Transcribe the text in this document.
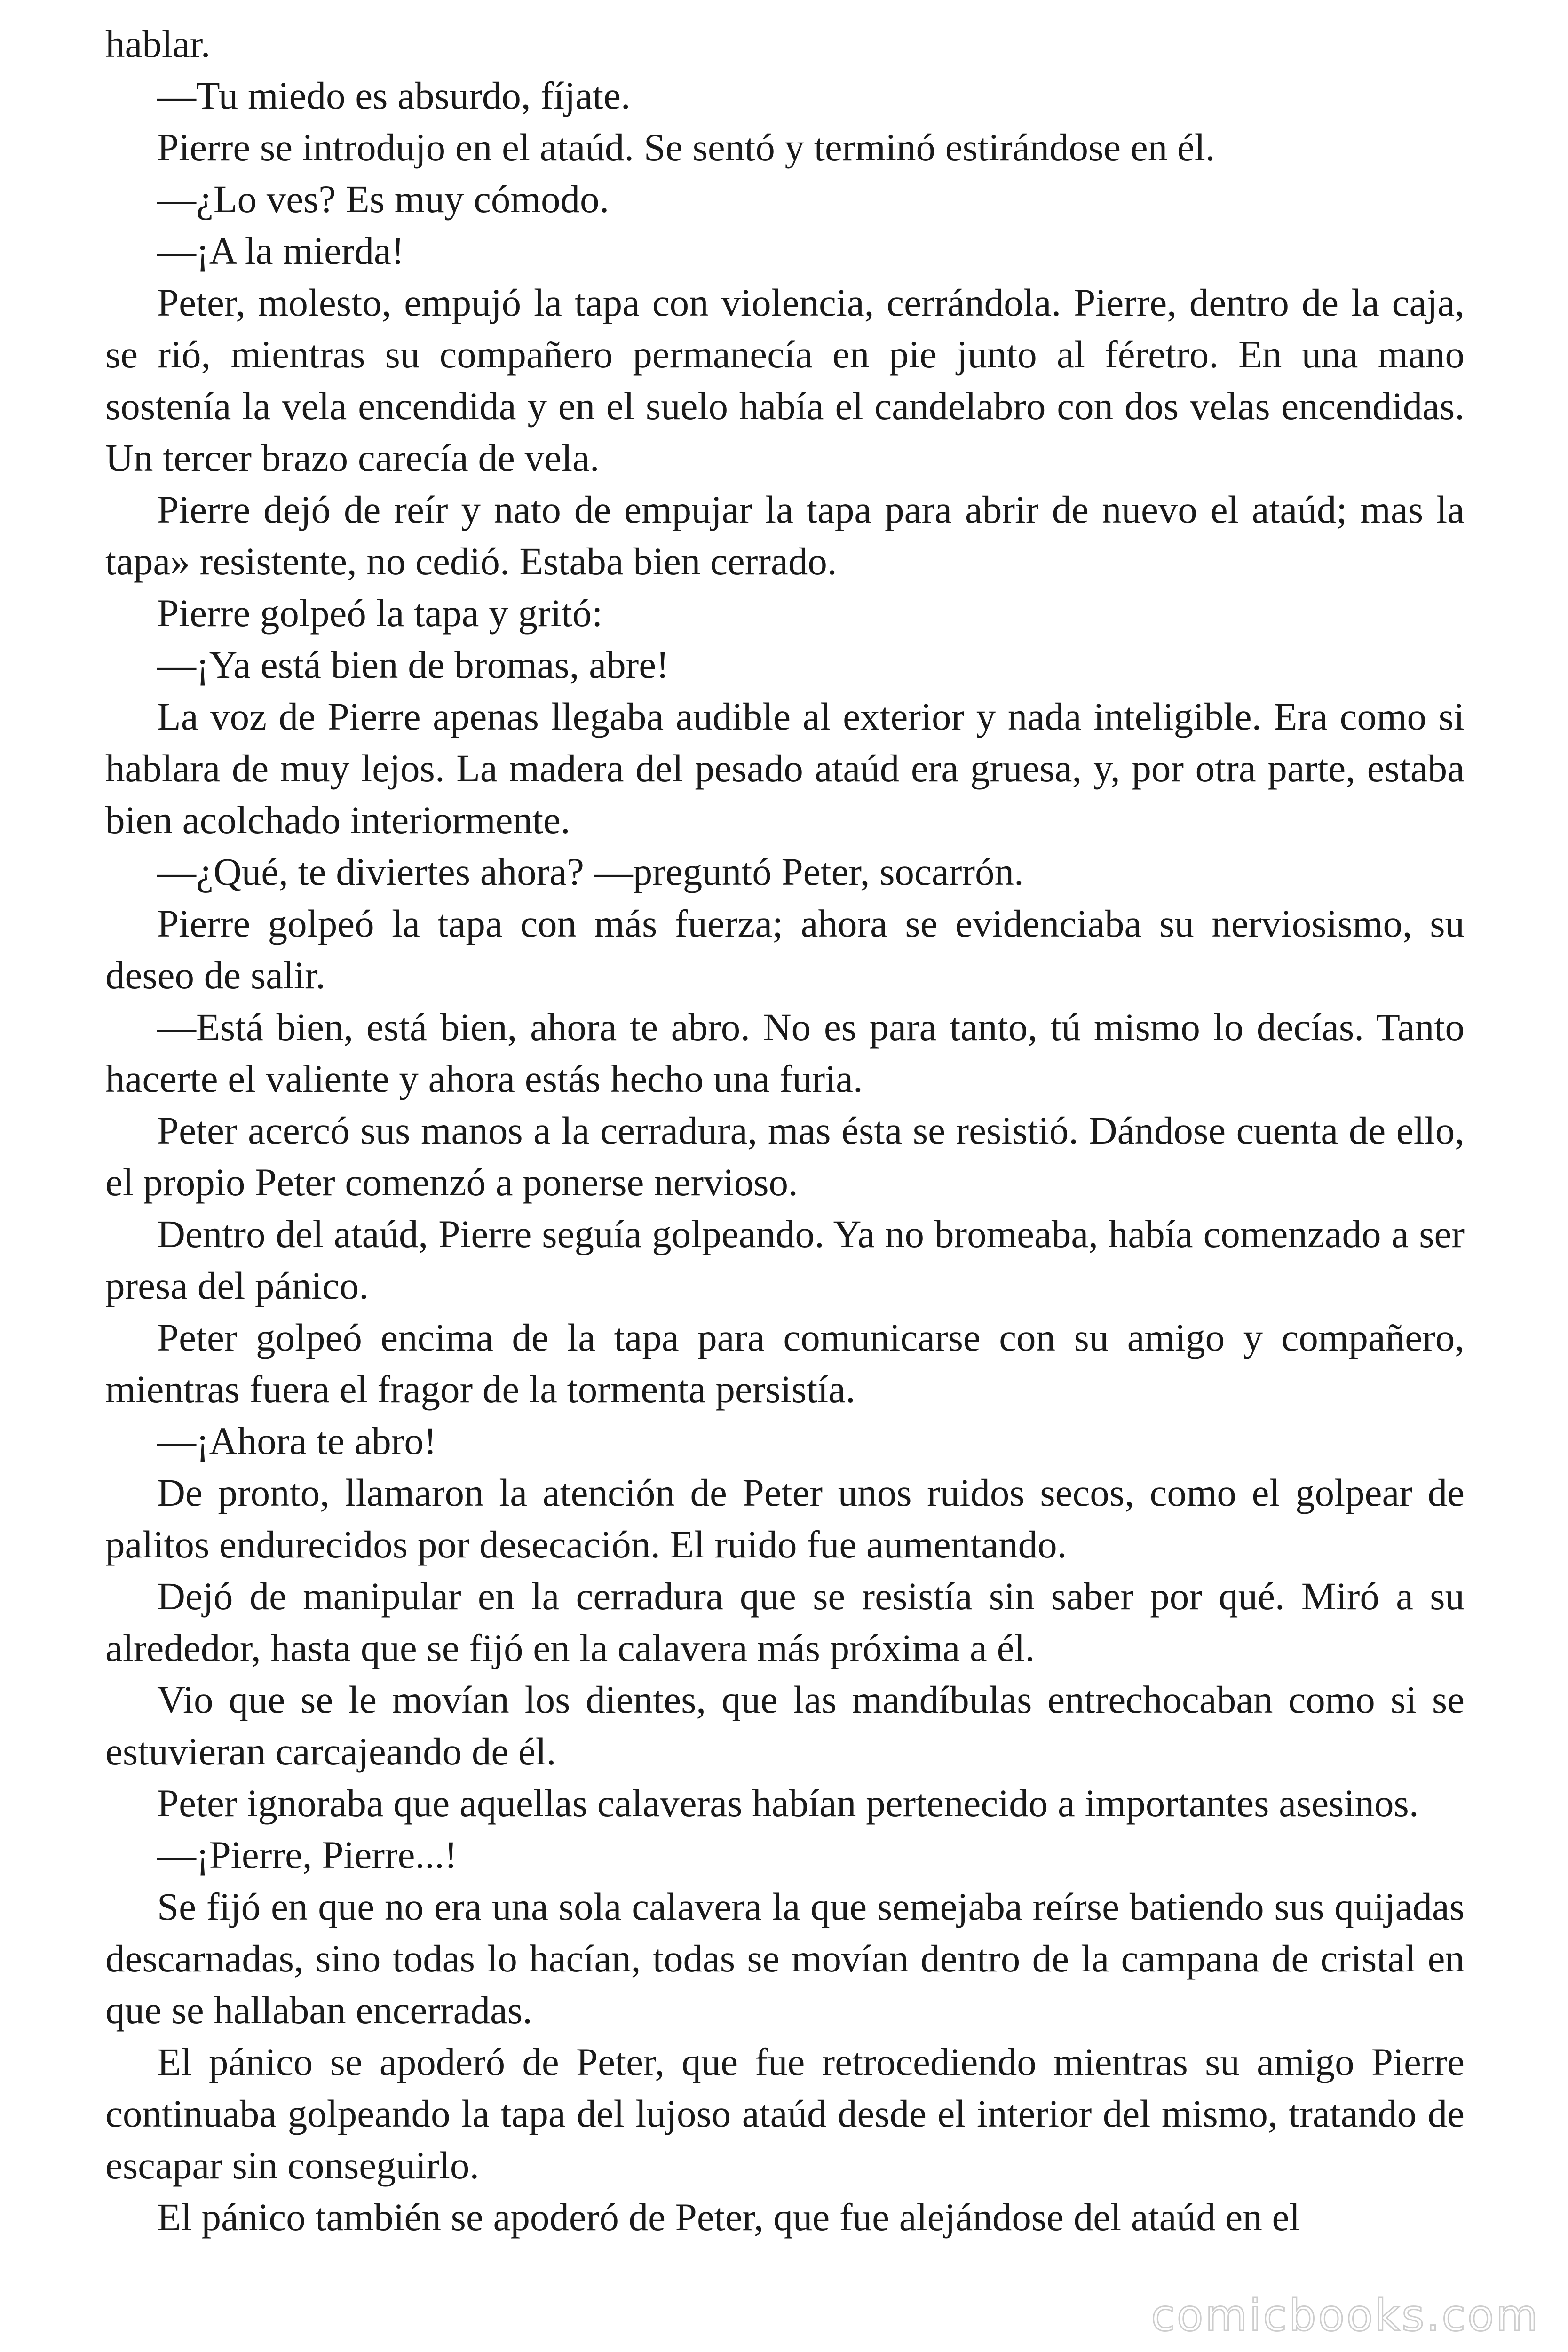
hablar.

—Tu miedo es absurdo, fíjate.

Pierre se introdujo en el ataúd. Se sentó y terminó estirándose en él.

—¿Lo ves? Es muy cómodo.

—¡A la mierda!

Peter, molesto, empujó la tapa con violencia, cerrándola. Pierre, dentro de la caja, se rió, mientras su compañero permanecía en pie junto al féretro. En una mano sostenía la vela encendida y en el suelo había el candelabro con dos velas encendidas. Un tercer brazo carecía de vela.

Pierre dejó de reír y nato de empujar la tapa para abrir de nuevo el ataúd; mas la tapa» resistente, no cedió. Estaba bien cerrado.

Pierre golpeó la tapa y gritó:

—¡Ya está bien de bromas, abre!

La voz de Pierre apenas llegaba audible al exterior y nada inteligible. Era como si hablara de muy lejos. La madera del pesado ataúd era gruesa, y, por otra parte, estaba bien acolchado interiormente.

—¿Qué, te diviertes ahora? —preguntó Peter, socarrón.

Pierre golpeó la tapa con más fuerza; ahora se evidenciaba su nerviosismo, su deseo de salir.

—Está bien, está bien, ahora te abro. No es para tanto, tú mismo lo decías. Tanto hacerte el valiente y ahora estás hecho una furia.

Peter acercó sus manos a la cerradura, mas ésta se resistió. Dándose cuenta de ello, el propio Peter comenzó a ponerse nervioso.

Dentro del ataúd, Pierre seguía golpeando. Ya no bromeaba, había comenzado a ser presa del pánico.

Peter golpeó encima de la tapa para comunicarse con su amigo y compañero, mientras fuera el fragor de la tormenta persistía.

—¡Ahora te abro!

De pronto, llamaron la atención de Peter unos ruidos secos, como el golpear de palitos endurecidos por desecación. El ruido fue aumentando.

Dejó de manipular en la cerradura que se resistía sin saber por qué. Miró a su alrededor, hasta que se fijó en la calavera más próxima a él.

Vio que se le movían los dientes, que las mandíbulas entrechocaban como si se estuvieran carcajeando de él.

Peter ignoraba que aquellas calaveras habían pertenecido a importantes asesinos.

—¡Pierre, Pierre...!

Se fijó en que no era una sola calavera la que semejaba reírse batiendo sus quijadas descarnadas, sino todas lo hacían, todas se movían dentro de la campana de cristal en que se hallaban encerradas.

El pánico se apoderó de Peter, que fue retrocediendo mientras su amigo Pierre continuaba golpeando la tapa del lujoso ataúd desde el interior del mismo, tratando de escapar sin conseguirlo.

El pánico también se apoderó de Peter, que fue alejándose del ataúd en el

comicbooks.com
